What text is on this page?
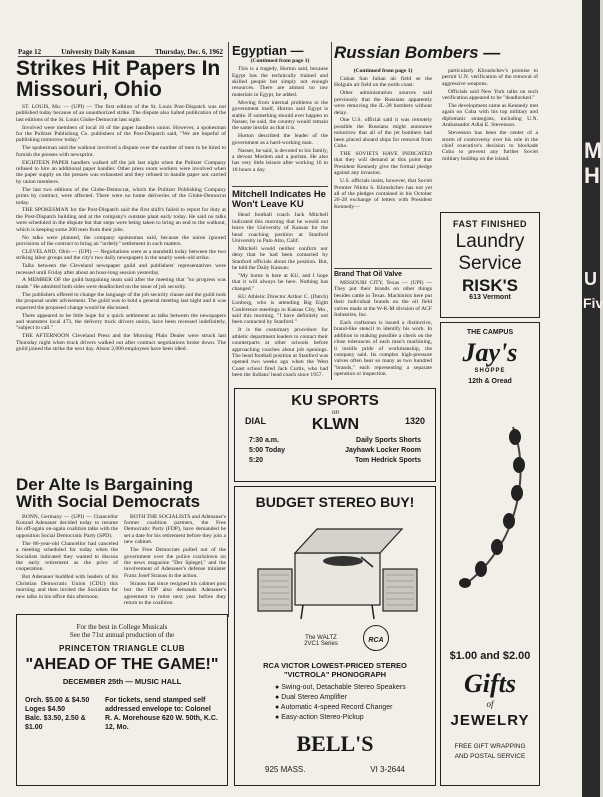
M
H
U
Fiv
Page 12	University Daily Kansan	Thursday, Dec. 6, 1962
Strikes Hit Papers In Missouri, Ohio

ST. LOUIS, Mo. — (UPI) — The first edition of the St. Louis Post-Dispatch was not published today because of an unauthorized strike. The dispute also halted publication of the last editions of the St. Louis Globe-Democrat last night.

Involved were members of local 16 of the paper handlers union. However, a spokesman for the Pulitzer Publishing Co. publishers of the Post-Dispatch said, "We are hopeful of publishing tomorrow today."

The spokesman said the walkout involved a dispute over the number of men to be hired to furnish the presses with newsprint.

EIGHTEEN PAPER handlers walked off the job last night when the Pulitzer Company refused to hire an additional paper handler. Other press room workers were involved when the paper supply on the presses was exhausted and they refused to handle paper not carried by union members.

The last two editions of the Globe-Democrat, which the Pulitzer Publishing Company prints by contract, were affected. There were no home deliveries of the Globe-Democrat today.

THE SPOKESMAN for the Post-Dispatch said the first shift's failed to report for duty at the Post-Dispatch building and at the company's outstate plant early today. He said no talks were scheduled in the dispute but that steps were being taken to bring an end to the walkout, which is keeping some 200 men from their jobs.

No talks were planned, the company spokesman said, because the union ignored provisions of the contract to bring an "orderly" settlement in such matters.

CLEVELAND, Ohio — (UPI) — Negotiations were at a standstill today between the two striking labor groups and the city's two daily newspapers in the nearly week-old strike.

Talks between the Cleveland newspaper guild and publishers' representatives were recessed until Friday after about an hour-long session yesterday.

A MEMBER OF the guild bargaining team said after the meeting that "no progress was made." He admitted both sides were deadlocked on the issue of job security.

The publishers offered to change the language of the job security clause and the guild took the proposal under advisement. The guild was to hold a general meeting last night and it was expected the proposed change would be discussed.

There appeared to be little hope for a quick settlement as talks between the newspapers and teamsters local 473, the delivery truck drivers union, have been recessed indefinitely, "subject to call."

THE AFTERNOON Cleveland Press and the Morning Plain Dealer were struck last Thursday night when truck drivers walked out after contract negotiations broke down. The guild joined the strike the next day. About 2,000 employees have been idled.

Der Alte Is Bargaining With Social Democrats

BONN, Germany — (UPI) — Chancellor Konrad Adenauer decided today to resume his off-again on-again coalition talks with the opposition Social Democratic Party (SPD).

The 86-year-old Chancellor had canceled a meeting scheduled for today when the Socialists indicated they wanted to discuss the early retirement as the price of cooperation.

But Adenauer huddled with leaders of his Christian Democratic Union (CDU) this morning and then invited the Socialists for new talks in his office this afternoon.

BOTH THE SOCIALISTS and Adenauer's former coalition partners, the Free Democratic Party (FDP), have demanded he set a date for his retirement before they join a new cabinet.

The Free Democrats pulled out of the government over the police crackdown on the news magazine "Der Spiegel," and the involvement of Adenauer's defense minister Franz Josef Strauss in the action.

Strauss has since resigned his cabinet post but the FDP also demands Adenauer's agreement to retire next year before they return to the coalition.

For the best in College Musicals
See the 71st annual production of the
PRINCETON TRIANGLE CLUB
"AHEAD OF THE GAME!"
DECEMBER 25th — MUSIC HALL
Orch. $5.00 & $4.50
Loges $4.50
Balc. $3.50, 2.50 & $1.00
For tickets, send stamped self addressed envelope to: Colonel R. A. Morehouse 620 W. 50th, K.C. 12, Mo.
Egyptian —
(Continued from page 1)

This is a tragedy, Horton said, because Egypt has the technically trained and skilled people but simply not enough resources. There are almost no raw materials in Egypt, he added.

Moving from internal problems to the government itself, Horton said Egypt is stable. If something should ever happen to Nasser, he said, the country would remain the same insofar as that it is.

Horton described the leader of the government as a hard-working man.

Nasser, he said, is devoted to his family, a devout Moslem and a puritan. He also has very little leisure after working 16 to 18 hours a day.

Mitchell Indicates He Won't Leave KU

Head football coach Jack Mitchell indicated this morning that he would not leave the University of Kansas for the head coaching position at Stanford University in Palo Alto, Calif.

Mitchell would neither confirm nor deny that he had been contacted by Stanford officials about the position. But, he told the Daily Kansan:

"My home is here at KU, and I hope that it will always be here. Nothing has changed."

KU Athletic Director Arthur C. (Dutch) Lonborg, who is attending Big Eight Conference meetings in Kansas City, Mo., said this morning, "I have definitely not been contacted by Stanford."

It is the customary procedure for athletic department leaders to contact their counterparts at other schools before approaching coaches about job openings. The head football position at Stanford was opened two weeks ago when the West Coast school fired Jack Curtis, who had been the Indians' head coach since 1957.

Russian Bombers —
(Continued from page 1)

Cuban San Julian air field se the Holguin air field on the north coast.

Other administration sources said previously that the Russians apparently were removing the IL-28 bombers without delay.

One U.S. official said it was remotely possible the Russians might announce tomorrow that all of the jet bombers had been placed aboard ships for removal from Cuba.

THE SOVIETS HAVE INDICATED that they will demand at this point that President Kennedy give the formal pledge against any invasion.

U.S. officials insist, however, that Soviet Premier Nikita S. Khrushchev has not yet all of the pledges contained in his October 26-28 exchange of letters with President Kennedy—

particularly Khrushchev's promise to permit U.N. verification of the removal of aggressive weapons.

Officials said New York talks on such verification appeared to be "deadlocked."

The development came as Kennedy met again on Cuba with his top military and diplomatic strategists, including U.N. Ambassador Adlai E. Stevenson.

Stevenson has been the center of a storm of controversy over his role in the chief executive's decision to blockade Cuba to prevent any further Soviet military buildup on the island.

Brand That Oil Valve

MISSOURI CITY, Texas — (UPI) — They put their brands on other things besides cattle in Texas. Machinists here put their individual brands on the oil field valves made at the W-K-M division of ACF Industries, Inc.

Each craftsman is issued a distinctive, brand-like stencil to identify his work. In addition to making possible a check on the close tolerances of each man's machining, it instills pride of workmanship, the company said. Its complex high-pressure valves often bear so many as two hundred "brands," each representing a separate operation or inspection.

FAST FINISHED
Laundry
Service
RISK'S
613 Vermont
KU SPORTS
DIAL
on
KLWN	1320
7:30 a.m.	Daily Sports Shorts
5:00 Today	Jayhawk Locker Room
5:20	Tom Hedrick Sports
BUDGET STEREO BUY!
The WALTZ
2VC1 Series	RCA
RCA VICTOR LOWEST-PRICED STEREO "VICTROLA" PHONOGRAPH
● Swing-out, Detachable Stereo Speakers
● Dual Stereo Amplifier
● Automatic 4-speed Record Changer
● Easy-action Stereo-Pickup
BELL'S
925 MASS.	VI 3-2644
THE CAMPUS
Jay's
SHOPPE
12th & Oread
$1.00 and $2.00
Gifts
of
JEWELRY
FREE GIFT WRAPPING
AND POSTAL SERVICE
